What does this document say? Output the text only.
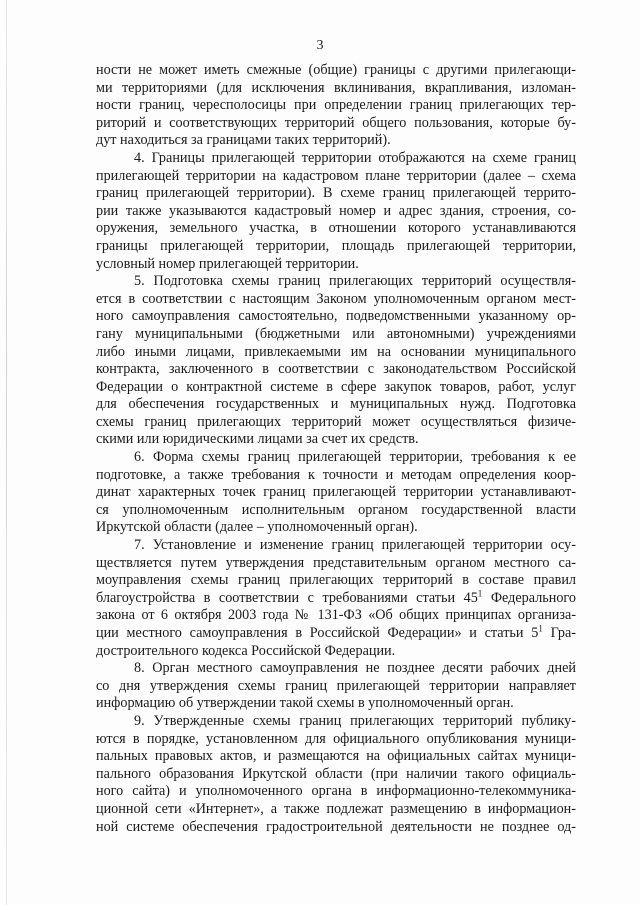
3

ности не может иметь смежные (общие) границы с другими прилегающи-
ми территориями (для исключения вклинивания, вкрапливания, изломан-
ности границ, чересполосицы при определении границ прилегающих тер-
риторий и соответствующих территорий общего пользования, которые бу-
дут находиться за границами таких территорий).

4. Границы прилегающей территории отображаются на схеме границ
прилегающей территории на кадастровом плане территории (далее – схема
границ прилегающей территории). В схеме границ прилегающей террито-
рии также указываются кадастровый номер и адрес здания, строения, со-
оружения, земельного участка, в отношении которого устанавливаются
границы прилегающей территории, площадь прилегающей территории,
условный номер прилегающей территории.

5. Подготовка схемы границ прилегающих территорий осуществля-
ется в соответствии с настоящим Законом уполномоченным органом мест-
ного самоуправления самостоятельно, подведомственными указанному ор-
гану муниципальными (бюджетными или автономными) учреждениями
либо иными лицами, привлекаемыми им на основании муниципального
контракта, заключенного в соответствии с законодательством Российской
Федерации о контрактной системе в сфере закупок товаров, работ, услуг
для обеспечения государственных и муниципальных нужд. Подготовка
схемы границ прилегающих территорий может осуществляться физиче-
скими или юридическими лицами за счет их средств.

6. Форма схемы границ прилегающей территории, требования к ее
подготовке, а также требования к точности и методам определения коор-
динат характерных точек границ прилегающей территории устанавливают-
ся уполномоченным исполнительным органом государственной власти
Иркутской области (далее – уполномоченный орган).

7. Установление и изменение границ прилегающей территории осу-
ществляется путем утверждения представительным органом местного са-
моуправления схемы границ прилегающих территорий в составе правил
благоустройства в соответствии с требованиями статьи $45^1$ Федерального
закона от 6 октября 2003 года № 131-ФЗ «Об общих принципах организа-
ции местного самоуправления в Российской Федерации» и статьи $5^1$ Гра-
достроительного кодекса Российской Федерации.

8. Орган местного самоуправления не позднее десяти рабочих дней
со дня утверждения схемы границ прилегающей территории направляет
информацию об утверждении такой схемы в уполномоченный орган.

9. Утвержденные схемы границ прилегающих территорий публику-
ются в порядке, установленном для официального опубликования муници-
пальных правовых актов, и размещаются на официальных сайтах муници-
пального образования Иркутской области (при наличии такого официаль-
ного сайта) и уполномоченного органа в информационно-телекоммуника-
ционной сети «Интернет», а также подлежат размещению в информацион-
ной системе обеспечения градостроительной деятельности не позднее од-
